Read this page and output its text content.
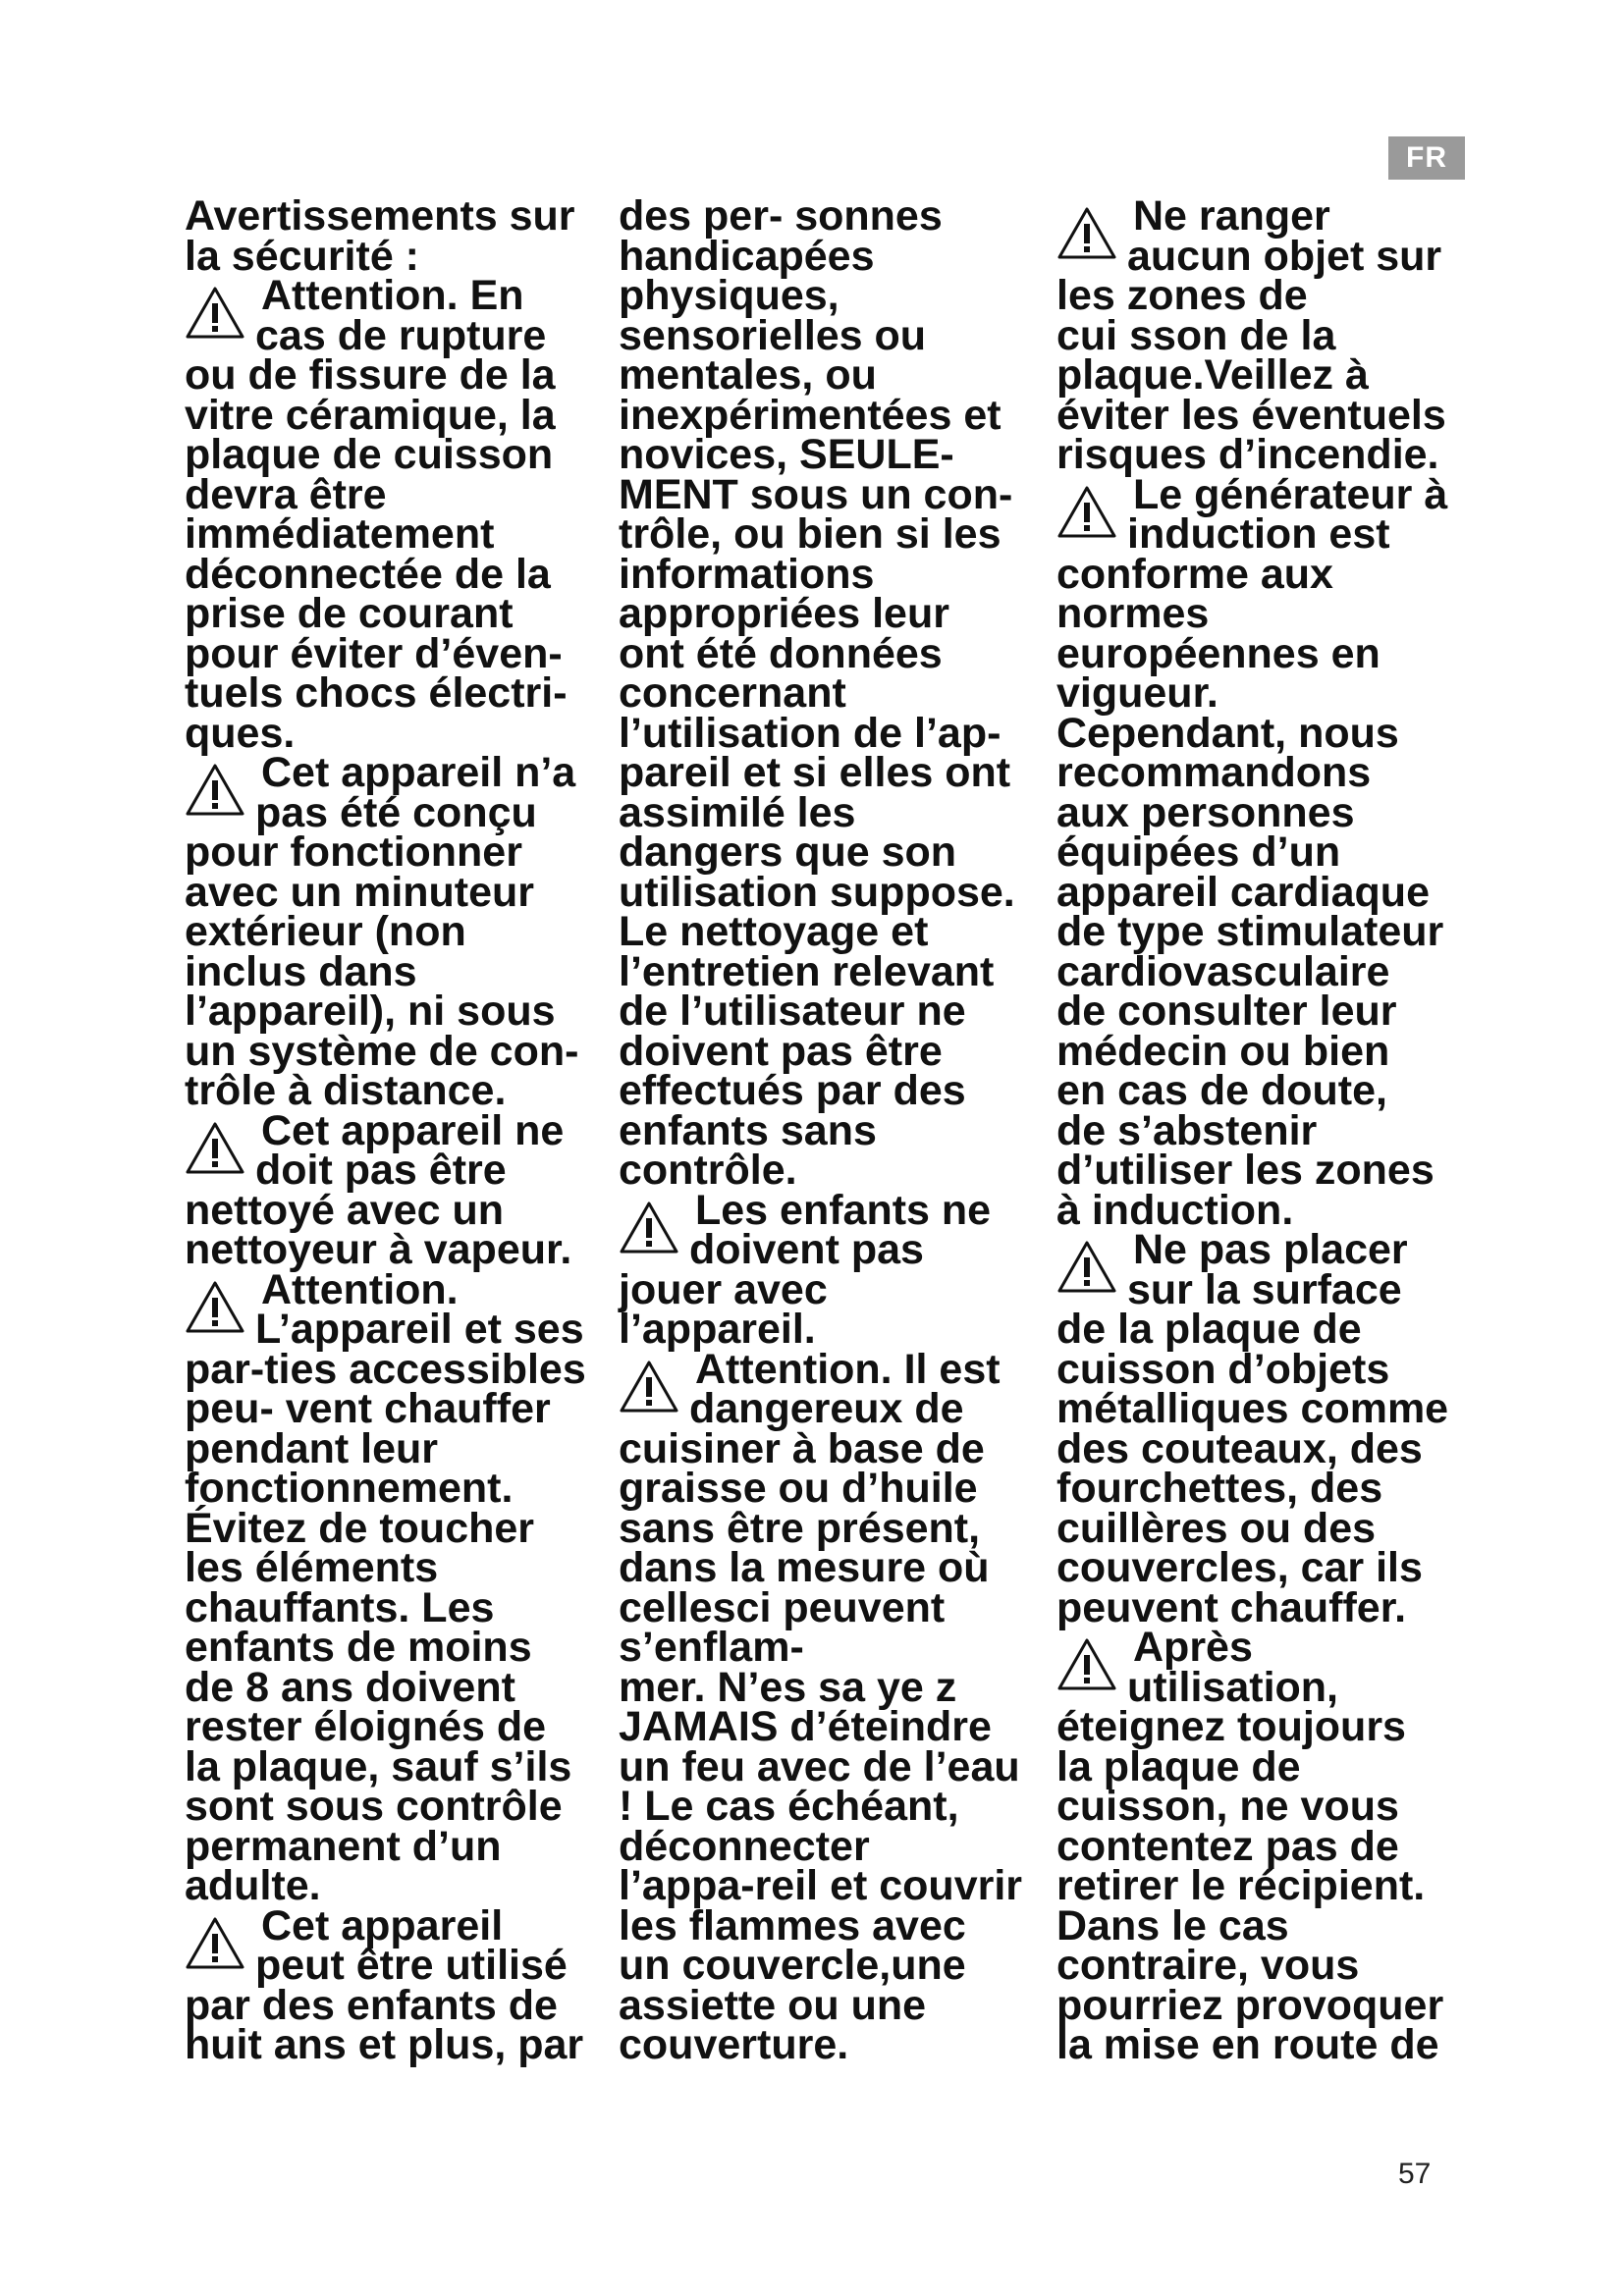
FR
Avertissements sur
la sécurité :
Attention. En
cas de rupture
ou de fissure de la
vitre céramique, la
plaque de cuisson
devra être
immédiatement
déconnectée de la
prise de courant
pour éviter d’éven-
tuels chocs électri-
ques.
Cet appareil n’a
pas été conçu
pour fonctionner
avec un minuteur
extérieur (non
inclus dans
l’appareil), ni sous
un système de con-
trôle à distance.
Cet appareil ne
doit pas être
nettoyé avec un
nettoyeur à vapeur.
Attention.
L’appareil et ses
par-ties accessibles
peu- vent chauffer
pendant leur
fonctionnement.
Évitez de toucher
les éléments
chauffants. Les
enfants de moins
de 8 ans doivent
rester éloignés de
la plaque, sauf s’ils
sont sous contrôle
permanent d’un
adulte.
Cet appareil
peut être utilisé
par des enfants de
huit ans et plus, par
des per- sonnes
handicapées
physiques,
sensorielles ou
mentales, ou
inexpérimentées et
novices, SEULE-
MENT sous un con-
trôle, ou bien si les
informations
appropriées leur
ont été données
concernant
l’utilisation de l’ap-
pareil et si elles ont
assimilé les
dangers que son
utilisation suppose.
Le nettoyage et
l’entretien relevant
de l’utilisateur ne
doivent pas être
effectués par des
enfants sans
contrôle.
Les enfants ne
doivent pas
jouer avec
l’appareil.
Attention. Il est
dangereux de
cuisiner à base de
graisse ou d’huile
sans être présent,
dans la mesure où
cellesci peuvent
s’enflam-
mer. N’es sa ye z
JAMAIS d’éteindre
un feu avec de l’eau
! Le cas échéant,
déconnecter
l’appa-reil et couvrir
les flammes avec
un couvercle,une
assiette ou une
couverture.
Ne ranger
aucun objet sur
les zones de
cui sson de la
plaque.Veillez à
éviter les éventuels
risques d’incendie.
Le générateur à
induction est
conforme aux
normes
européennes en
vigueur.
Cependant, nous
recommandons
aux personnes
équipées d’un
appareil cardiaque
de type stimulateur
cardiovasculaire
de consulter leur
médecin ou bien
en cas de doute,
de s’abstenir
d’utiliser les zones
à induction.
Ne pas placer
sur la surface
de la plaque de
cuisson d’objets
métalliques comme
des couteaux, des
fourchettes, des
cuillères ou des
couvercles, car ils
peuvent chauffer.
Après
utilisation,
éteignez toujours
la plaque de
cuisson, ne vous
contentez pas de
retirer le récipient.
Dans le cas
contraire, vous
pourriez provoquer
la mise en route de
57
